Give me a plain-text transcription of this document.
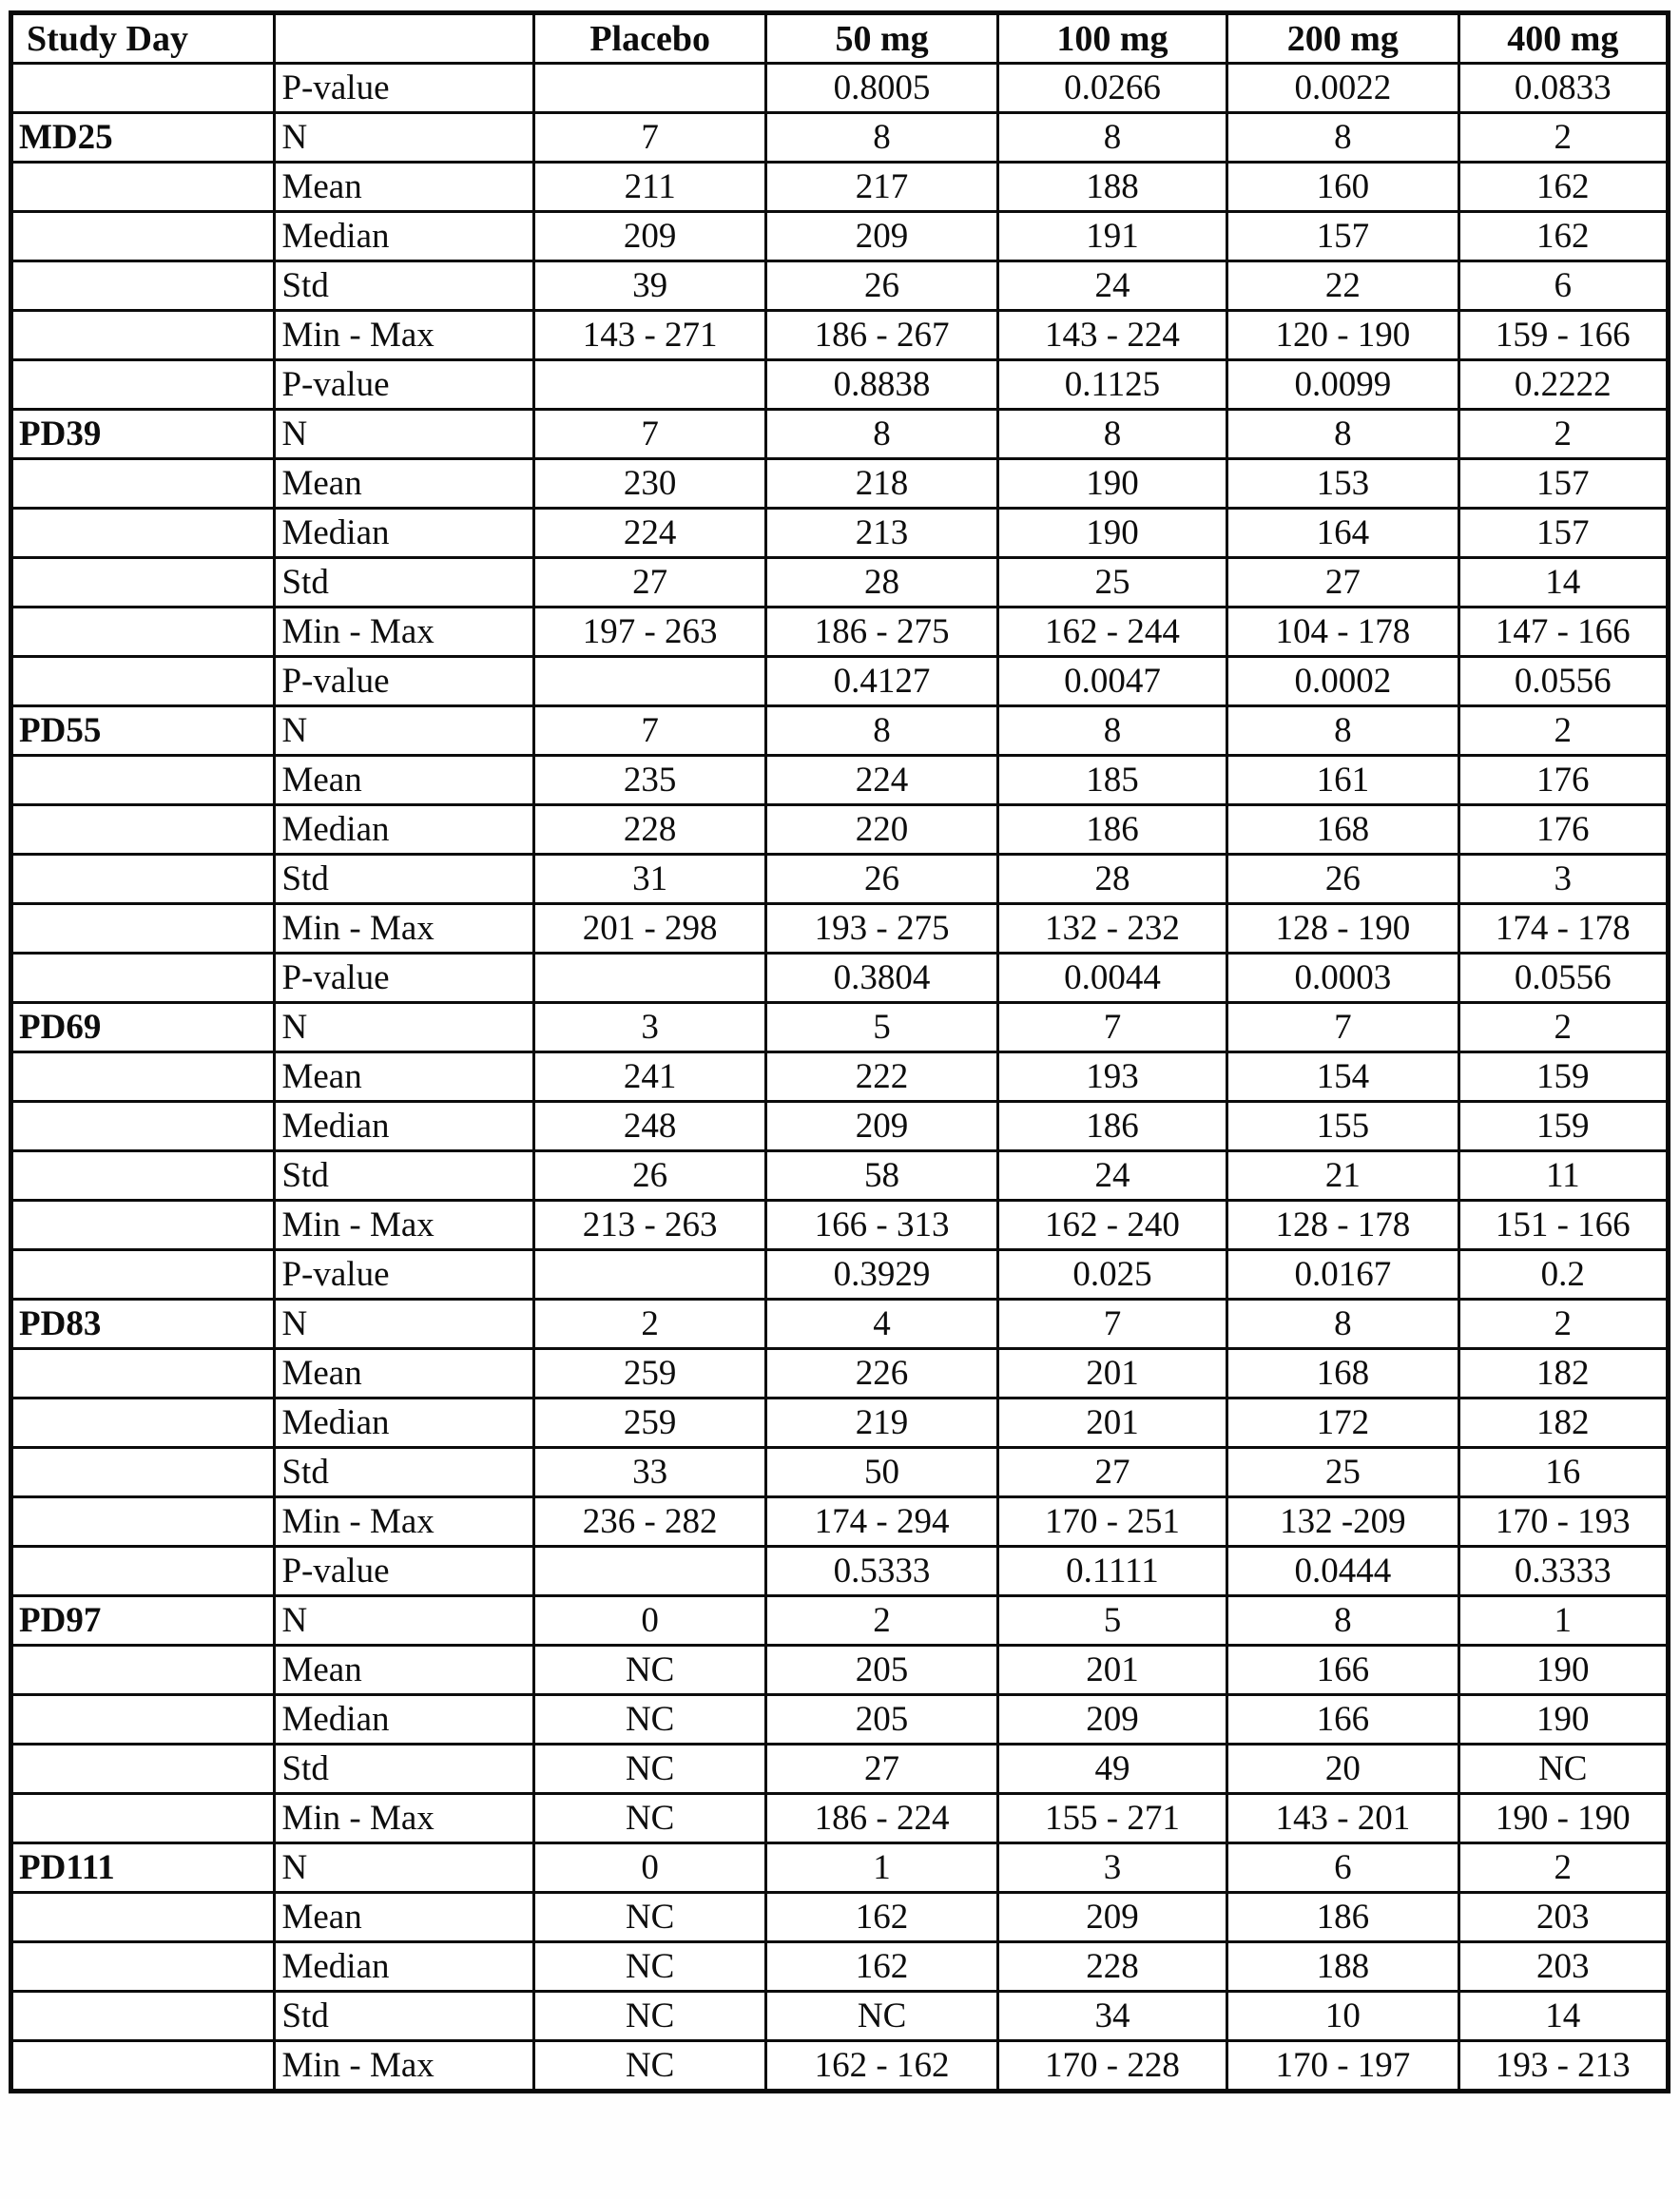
Study Day		Placebo	50 mg	100 mg	200 mg	400 mg
	P-value		0.8005	0.0266	0.0022	0.0833
MD25	N	7	8	8	8	2
	Mean	211	217	188	160	162
	Median	209	209	191	157	162
	Std	39	26	24	22	6
	Min - Max	143 - 271	186 - 267	143 - 224	120 - 190	159 - 166
	P-value		0.8838	0.1125	0.0099	0.2222
PD39	N	7	8	8	8	2
	Mean	230	218	190	153	157
	Median	224	213	190	164	157
	Std	27	28	25	27	14
	Min - Max	197 - 263	186 - 275	162 - 244	104 - 178	147 - 166
	P-value		0.4127	0.0047	0.0002	0.0556
PD55	N	7	8	8	8	2
	Mean	235	224	185	161	176
	Median	228	220	186	168	176
	Std	31	26	28	26	3
	Min - Max	201 - 298	193 - 275	132 - 232	128 - 190	174 - 178
	P-value		0.3804	0.0044	0.0003	0.0556
PD69	N	3	5	7	7	2
	Mean	241	222	193	154	159
	Median	248	209	186	155	159
	Std	26	58	24	21	11
	Min - Max	213 - 263	166 - 313	162 - 240	128 - 178	151 - 166
	P-value		0.3929	0.025	0.0167	0.2
PD83	N	2	4	7	8	2
	Mean	259	226	201	168	182
	Median	259	219	201	172	182
	Std	33	50	27	25	16
	Min - Max	236 - 282	174 - 294	170 - 251	132 -209	170 - 193
	P-value		0.5333	0.1111	0.0444	0.3333
PD97	N	0	2	5	8	1
	Mean	NC	205	201	166	190
	Median	NC	205	209	166	190
	Std	NC	27	49	20	NC
	Min - Max	NC	186 - 224	155 - 271	143 - 201	190 - 190
PD111	N	0	1	3	6	2
	Mean	NC	162	209	186	203
	Median	NC	162	228	188	203
	Std	NC	NC	34	10	14
	Min - Max	NC	162 - 162	170 - 228	170 - 197	193 - 213
